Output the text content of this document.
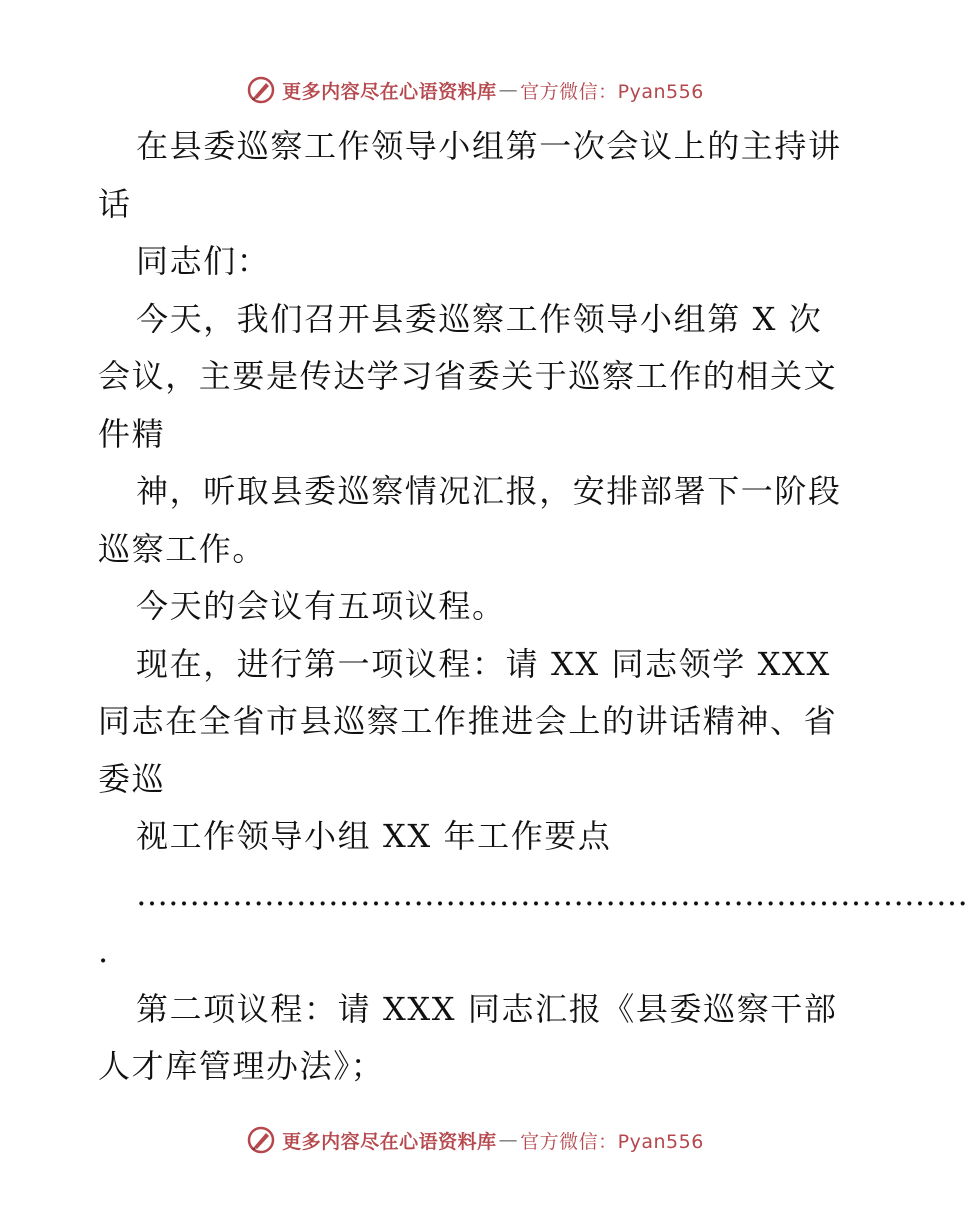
更多内容尽在心语资料库 — 官方微信：Pyan556

在县委巡察工作领导小组第一次会议上的主持讲

话

同志们：

今天，我们召开县委巡察工作领导小组第 X 次

会议，主要是传达学习省委关于巡察工作的相关文

件精

神，听取县委巡察情况汇报，安排部署下一阶段

巡察工作。

今天的会议有五项议程。

现在，进行第一项议程：请 XX 同志领学 XXX

同志在全省市县巡察工作推进会上的讲话精神、省

委巡

视工作领导小组 XX 年工作要点

……………………………………………………………………

.

第二项议程：请 XXX 同志汇报《县委巡察干部

人才库管理办法》；

更多内容尽在心语资料库 — 官方微信：Pyan556
